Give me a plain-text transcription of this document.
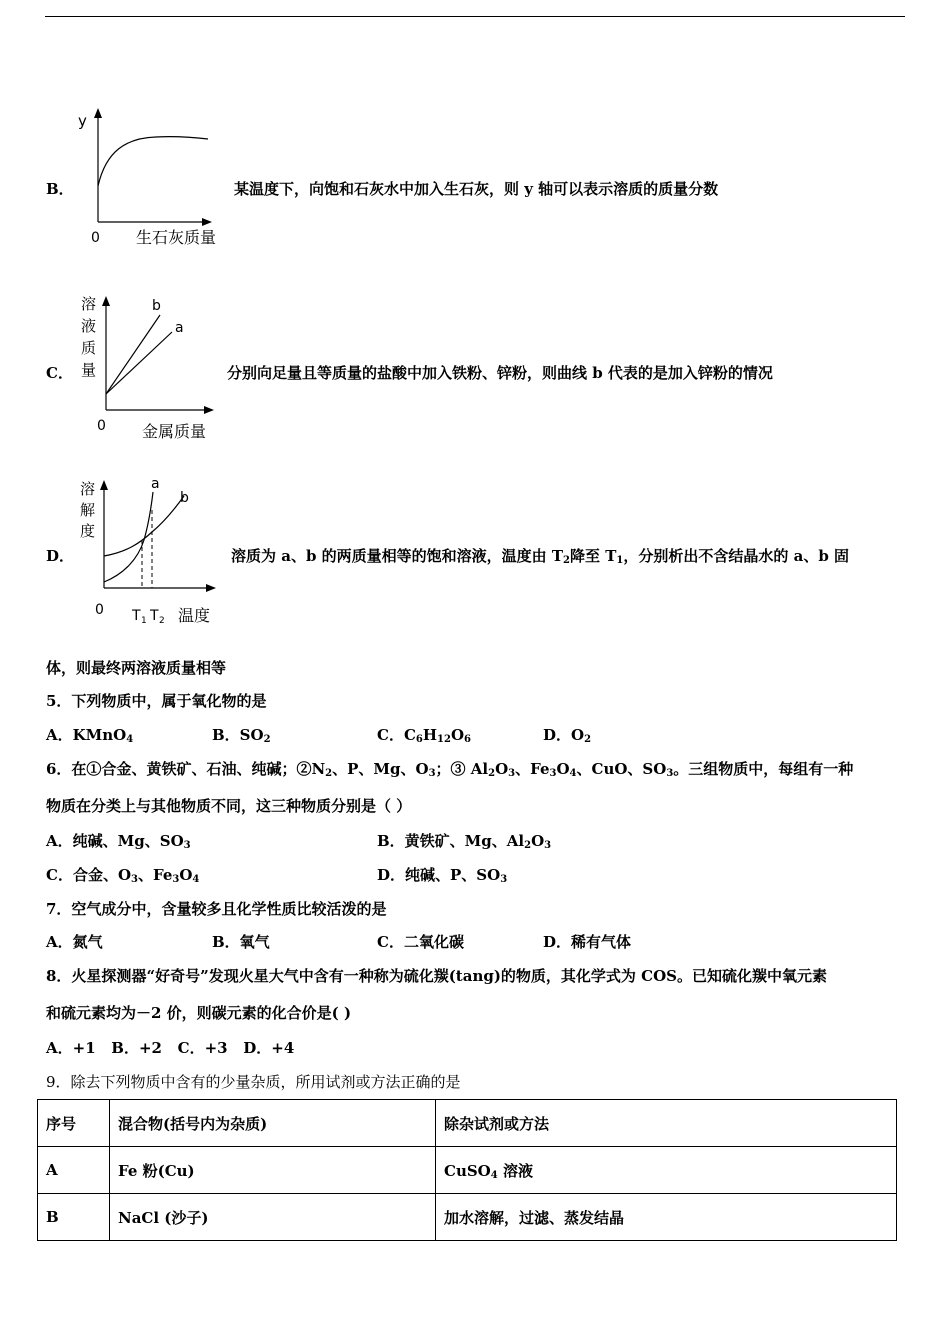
B．
y
0 生石灰质量
某温度下，向饱和石灰水中加入生石灰，则 y 轴可以表示溶质的质量分数
C．
b
a
溶
液
质
量
0 金属质量
分别向足量且等质量的盐酸中加入铁粉、锌粉，则曲线 b 代表的是加入锌粉的情况
D．
a
b
溶
解
度
0 T 1 T 2 温度
溶质为 a、b 的两质量相等的饱和溶液，温度由 $T_2$降至 $T_1$，分别析出不含结晶水的 a、b 固
体，则最终两溶液质量相等
5．下列物质中，属于氧化物的是
A．KMnO$_4$	B．$SO_2$	C．$C_6H_{12}O_6$	D．$O_2$
6．在①合金、黄铁矿、石油、纯碱；$②N_2$、P、Mg、$O_3$；③ $Al_2O_3$、$Fe_3O_4$、CuO、$SO_3$。三组物质中，每组有一种
物质在分类上与其他物质不同，这三种物质分别是（ ）
A．纯碱、Mg、$SO_3$	B．黄铁矿、Mg、$Al_2O_3$
C．合金、$O_3$、$Fe_3O_4$	D．纯碱、P、$SO_3$
7．空气成分中，含量较多且化学性质比较活泼的是
A．氮气	B．氧气	C．二氧化碳	D．稀有气体
8．火星探测器“好奇号”发现火星大气中含有一种称为硫化羰(tang)的物质，其化学式为 COS。已知硫化羰中氧元素
和硫元素均为－2 价，则碳元素的化合价是( )
A．+1   B．+2   C．+3   D．+4
9．除去下列物质中含有的少量杂质，所用试剂或方法正确的是
序号	混合物(括号内为杂质)	除杂试剂或方法
A	Fe 粉(Cu)	CuSO$_4$ 溶液
B	NaCl (沙子)	加水溶解，过滤、蒸发结晶
